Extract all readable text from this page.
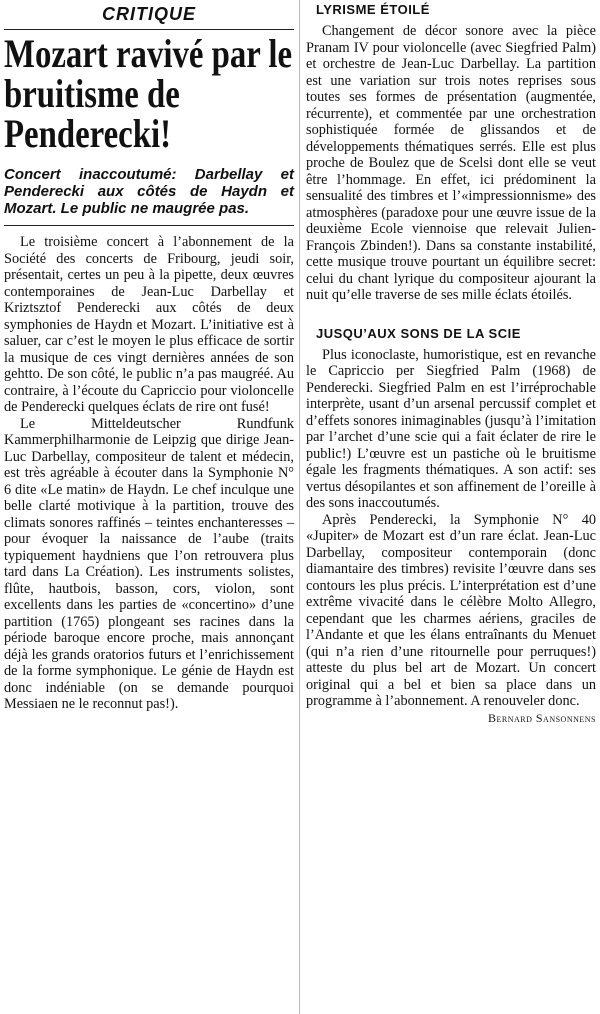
CRITIQUE
Mozart ravivé par le bruitisme de Penderecki!
Concert inaccoutumé: Darbellay et Penderecki aux côtés de Haydn et Mozart. Le public ne maugrée pas.

Le troisième concert à l’abonnement de la Société des concerts de Fribourg, jeudi soir, présentait, certes un peu à la pipette, deux œuvres contemporaines de Jean-Luc Darbellay et Kriztsztof Penderecki aux côtés de deux symphonies de Haydn et Mozart. L’initiative est à saluer, car c’est le moyen le plus efficace de sortir la musique de ces vingt dernières années de son gehtto. De son côté, le public n’a pas maugréé. Au contraire, à l’écoute du Capriccio pour violoncelle de Penderecki quelques éclats de rire ont fusé!

Le Mitteldeutscher Rundfunk Kammerphilharmonie de Leipzig que dirige Jean-Luc Darbellay, compositeur de talent et médecin, est très agréable à écouter dans la Symphonie N° 6 dite «Le matin» de Haydn. Le chef inculque une belle clarté motivique à la partition, trouve des climats sonores raffinés – teintes enchanteresses – pour évoquer la naissance de l’aube (traits typiquement haydniens que l’on retrouvera plus tard dans La Création). Les instruments solistes, flûte, hautbois, basson, cors, violon, sont excellents dans les parties de «concertino» d’une partition (1765) plongeant ses racines dans la période baroque encore proche, mais annonçant déjà les grands oratorios futurs et l’enrichissement de la forme symphonique. Le génie de Haydn est donc indéniable (on se demande pourquoi Messiaen ne le reconnut pas!).

LYRISME ÉTOILÉ

Changement de décor sonore avec la pièce Pranam IV pour violoncelle (avec Siegfried Palm) et orchestre de Jean-Luc Darbellay. La partition est une variation sur trois notes reprises sous toutes ses formes de présentation (augmentée, récurrente), et commentée par une orchestration sophistiquée formée de glissandos et de développements thématiques serrés. Elle est plus proche de Boulez que de Scelsi dont elle se veut être l’hommage. En effet, ici prédominent la sensualité des timbres et l’«impressionnisme» des atmosphères (paradoxe pour une œuvre issue de la deuxième Ecole viennoise que relevait Julien-François Zbinden!). Dans sa constante instabilité, cette musique trouve pourtant un équilibre secret: celui du chant lyrique du compositeur ajourant la nuit qu’elle traverse de ses mille éclats étoilés.

JUSQU’AUX SONS DE LA SCIE

Plus iconoclaste, humoristique, est en revanche le Capriccio per Siegfried Palm (1968) de Penderecki. Siegfried Palm en est l’irréprochable interprète, usant d’un arsenal percussif complet et d’effets sonores inimaginables (jusqu’à l’imitation par l’archet d’une scie qui a fait éclater de rire le public!) L’œuvre est un pastiche où le bruitisme égale les fragments thématiques. A son actif: ses vertus désopilantes et son affinement de l’oreille à des sons inaccoutumés.

Après Penderecki, la Symphonie N° 40 «Jupiter» de Mozart est d’un rare éclat. Jean-Luc Darbellay, compositeur contemporain (donc diamantaire des timbres) revisite l’œuvre dans ses contours les plus précis. L’interprétation est d’une extrême vivacité dans le célèbre Molto Allegro, cependant que les charmes aériens, graciles de l’Andante et que les élans entraînants du Menuet (qui n’a rien d’une ritournelle pour perruques!) atteste du plus bel art de Mozart. Un concert original qui a bel et bien sa place dans un programme à l’abonnement. A renouveler donc.
Bernard Sansonnens
